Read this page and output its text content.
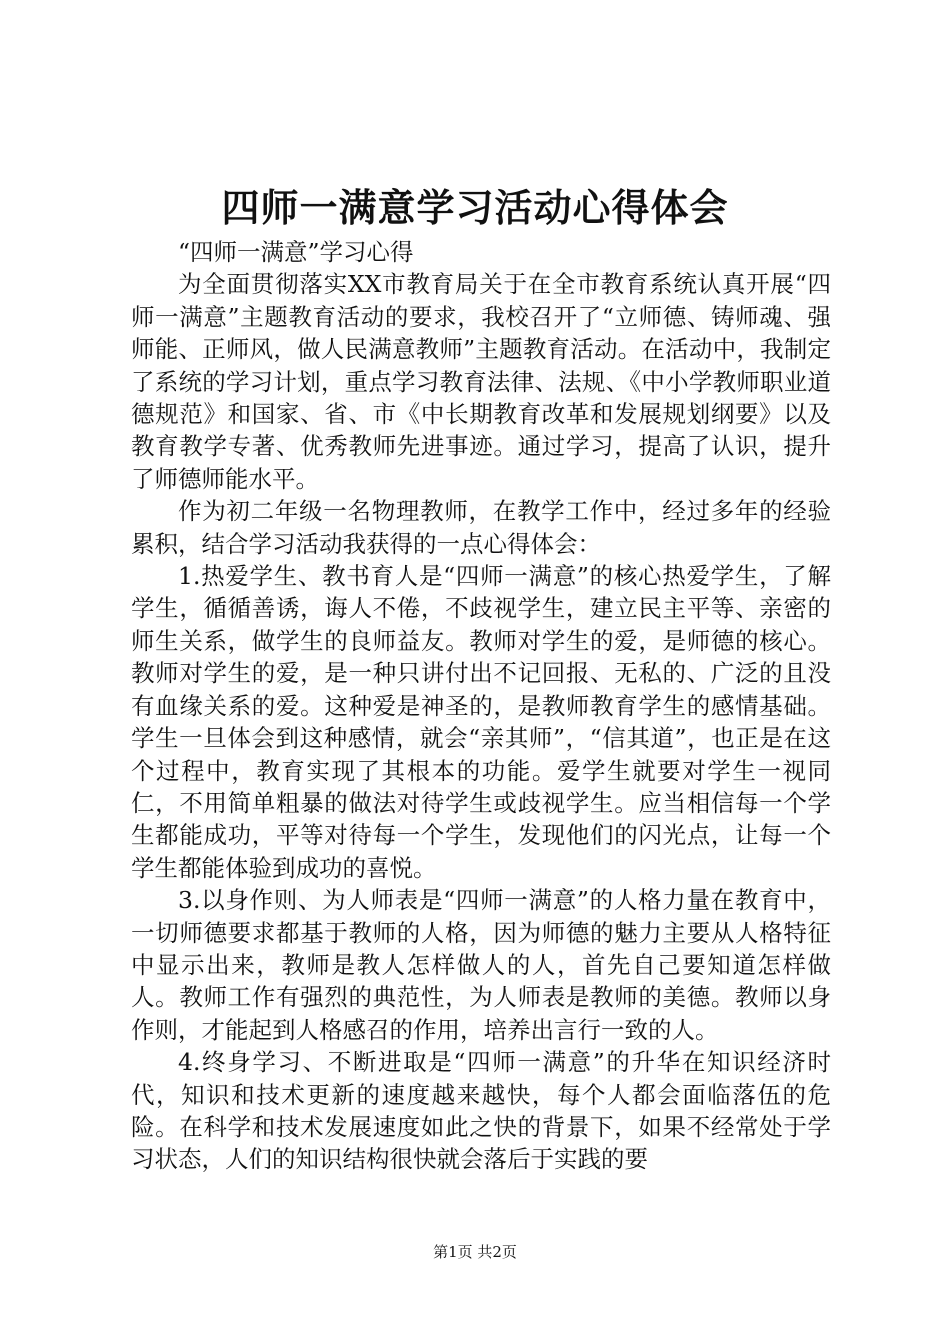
四师一满意学习活动心得体会

“四师一满意”学习心得

为全面贯彻落实XX市教育局关于在全市教育系统认真开展“四师一满意”主题教育活动的要求，我校召开了“立师德、铸师魂、强师能、正师风，做人民满意教师”主题教育活动。在活动中，我制定了系统的学习计划，重点学习教育法律、法规、《中小学教师职业道德规范》和国家、省、市《中长期教育改革和发展规划纲要》以及教育教学专著、优秀教师先进事迹。通过学习，提高了认识，提升了师德师能水平。

作为初二年级一名物理教师，在教学工作中，经过多年的经验累积，结合学习活动我获得的一点心得体会：

1.热爱学生、教书育人是“四师一满意”的核心热爱学生，了解学生，循循善诱，诲人不倦，不歧视学生，建立民主平等、亲密的师生关系，做学生的良师益友。教师对学生的爱，是师德的核心。教师对学生的爱，是一种只讲付出不记回报、无私的、广泛的且没有血缘关系的爱。这种爱是神圣的，是教师教育学生的感情基础。学生一旦体会到这种感情，就会“亲其师”，“信其道”，也正是在这个过程中，教育实现了其根本的功能。爱学生就要对学生一视同仁，不用简单粗暴的做法对待学生或歧视学生。应当相信每一个学生都能成功，平等对待每一个学生，发现他们的闪光点，让每一个学生都能体验到成功的喜悦。

3.以身作则、为人师表是“四师一满意”的人格力量在教育中，一切师德要求都基于教师的人格，因为师德的魅力主要从人格特征中显示出来，教师是教人怎样做人的人，首先自己要知道怎样做人。教师工作有强烈的典范性，为人师表是教师的美德。教师以身作则，才能起到人格感召的作用，培养出言行一致的人。

4.终身学习、不断进取是“四师一满意”的升华在知识经济时代，知识和技术更新的速度越来越快，每个人都会面临落伍的危险。在科学和技术发展速度如此之快的背景下，如果不经常处于学习状态，人们的知识结构很快就会落后于实践的要

第1页 共2页
